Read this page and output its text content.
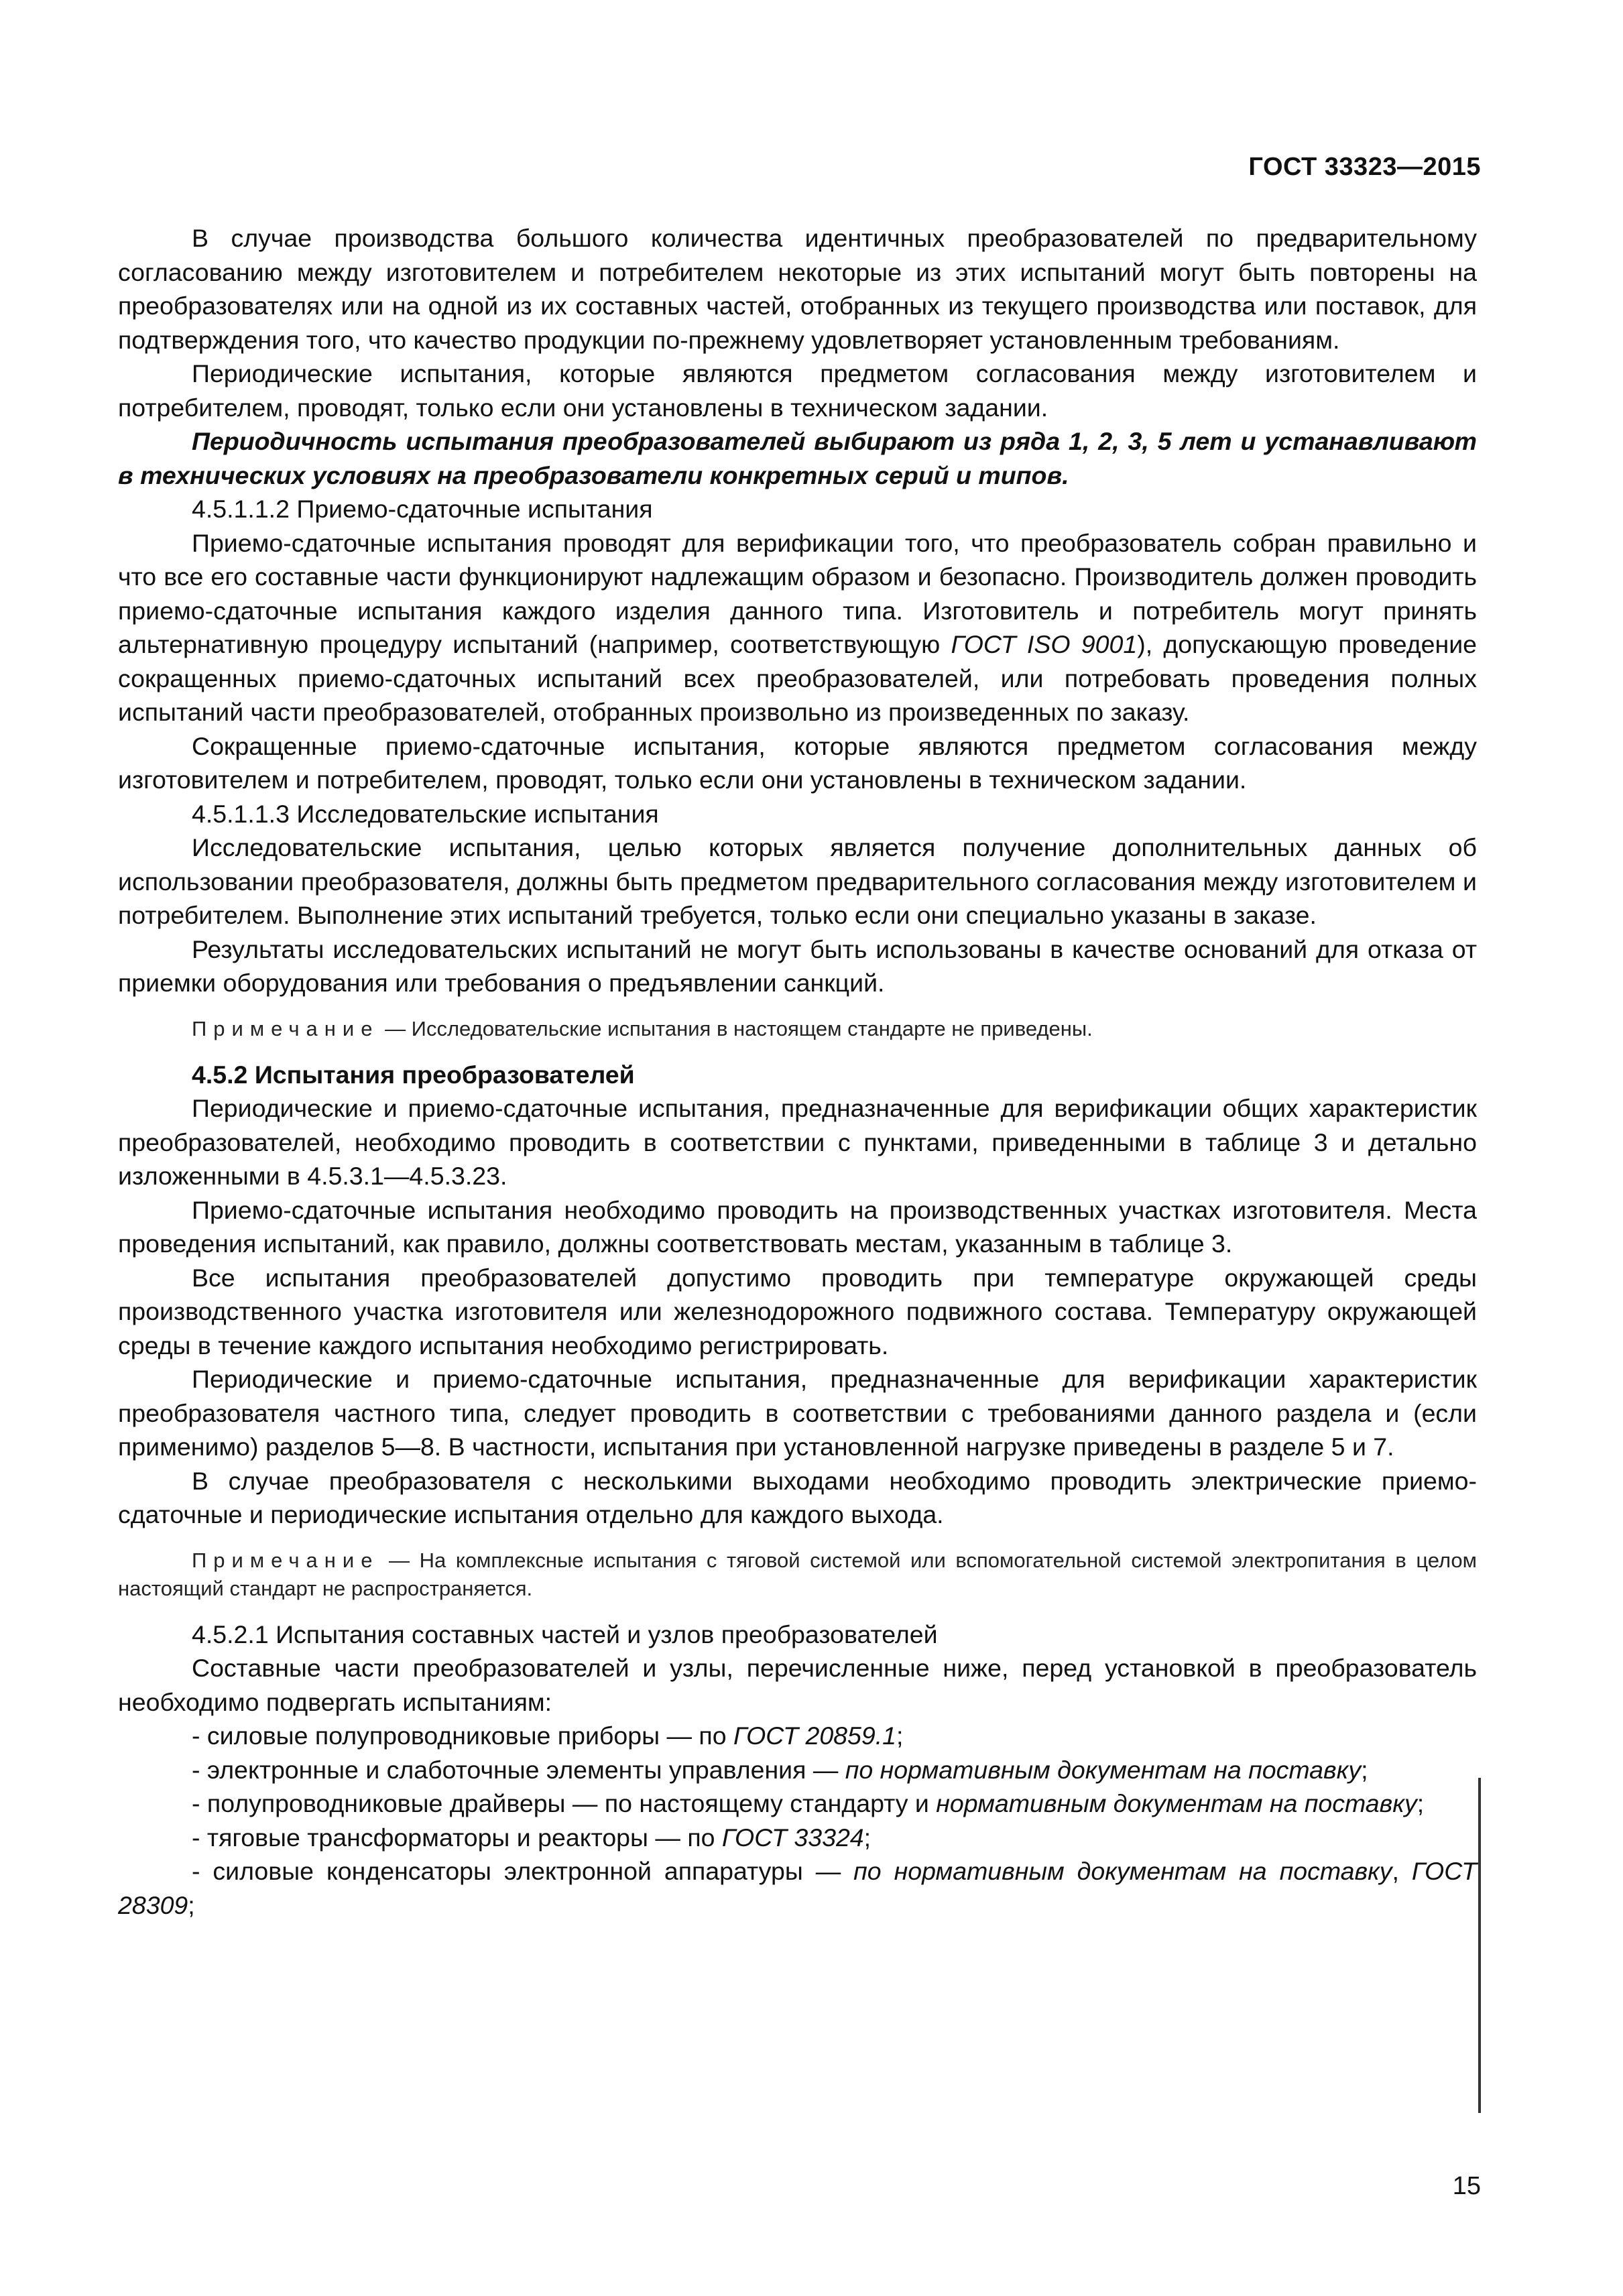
ГОСТ 33323—2015

В случае производства большого количества идентичных преобразователей по предварительному согласованию между изготовителем и потребителем некоторые из этих испытаний могут быть повторены на преобразователях или на одной из их составных частей, отобранных из текущего производства или поставок, для подтверждения того, что качество продукции по-прежнему удовлетворяет установленным требованиям.

Периодические испытания, которые являются предметом согласования между изготовителем и потребителем, проводят, только если они установлены в техническом задании.

Периодичность испытания преобразователей выбирают из ряда 1, 2, 3, 5 лет и устанавливают в технических условиях на преобразователи конкретных серий и типов.

4.5.1.1.2 Приемо-сдаточные испытания

Приемо-сдаточные испытания проводят для верификации того, что преобразователь собран правильно и что все его составные части функционируют надлежащим образом и безопасно. Производитель должен проводить приемо-сдаточные испытания каждого изделия данного типа. Изготовитель и потребитель могут принять альтернативную процедуру испытаний (например, соответствующую ГОСТ ISO 9001), допускающую проведение сокращенных приемо-сдаточных испытаний всех преобразователей, или потребовать проведения полных испытаний части преобразователей, отобранных произвольно из произведенных по заказу.

Сокращенные приемо-сдаточные испытания, которые являются предметом согласования между изготовителем и потребителем, проводят, только если они установлены в техническом задании.

4.5.1.1.3 Исследовательские испытания

Исследовательские испытания, целью которых является получение дополнительных данных об использовании преобразователя, должны быть предметом предварительного согласования между изготовителем и потребителем. Выполнение этих испытаний требуется, только если они специально указаны в заказе.

Результаты исследовательских испытаний не могут быть использованы в качестве оснований для отказа от приемки оборудования или требования о предъявлении санкций.

Примечание — Исследовательские испытания в настоящем стандарте не приведены.

4.5.2 Испытания преобразователей

Периодические и приемо-сдаточные испытания, предназначенные для верификации общих характеристик преобразователей, необходимо проводить в соответствии с пунктами, приведенными в таблице 3 и детально изложенными в 4.5.3.1—4.5.3.23.

Приемо-сдаточные испытания необходимо проводить на производственных участках изготовителя. Места проведения испытаний, как правило, должны соответствовать местам, указанным в таблице 3.

Все испытания преобразователей допустимо проводить при температуре окружающей среды производственного участка изготовителя или железнодорожного подвижного состава. Температуру окружающей среды в течение каждого испытания необходимо регистрировать.

Периодические и приемо-сдаточные испытания, предназначенные для верификации характеристик преобразователя частного типа, следует проводить в соответствии с требованиями данного раздела и (если применимо) разделов 5—8. В частности, испытания при установленной нагрузке приведены в разделе 5 и 7.

В случае преобразователя с несколькими выходами необходимо проводить электрические приемо-сдаточные и периодические испытания отдельно для каждого выхода.

Примечание — На комплексные испытания с тяговой системой или вспомогательной системой электропитания в целом настоящий стандарт не распространяется.

4.5.2.1 Испытания составных частей и узлов преобразователей

Составные части преобразователей и узлы, перечисленные ниже, перед установкой в преобразователь необходимо подвергать испытаниям:

- силовые полупроводниковые приборы — по ГОСТ 20859.1;

- электронные и слаботочные элементы управления — по нормативным документам на поставку;

- полупроводниковые драйверы — по настоящему стандарту и нормативным документам на поставку;

- тяговые трансформаторы и реакторы — по ГОСТ 33324;

- силовые конденсаторы электронной аппаратуры — по нормативным документам на поставку, ГОСТ 28309;

15
